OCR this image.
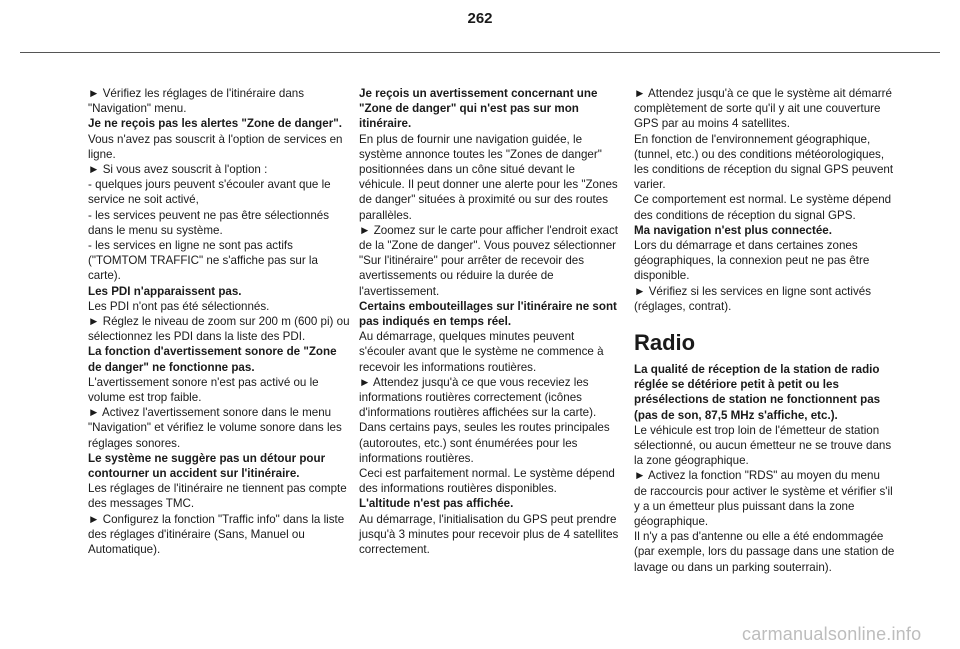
262

► Vérifiez les réglages de l'itinéraire dans "Navigation" menu.

Je ne reçois pas les alertes "Zone de danger".

Vous n'avez pas souscrit à l'option de services en ligne.

► Si vous avez souscrit à l'option :

- quelques jours peuvent s'écouler avant que le service ne soit activé,

- les services peuvent ne pas être sélectionnés dans le menu su système.

- les services en ligne ne sont pas actifs ("TOMTOM TRAFFIC" ne s'affiche pas sur la carte).

Les PDI n'apparaissent pas.

Les PDI n'ont pas été sélectionnés.

► Réglez le niveau de zoom sur 200 m (600 pi) ou sélectionnez les PDI dans la liste des PDI.

La fonction d'avertissement sonore de "Zone de danger" ne fonctionne pas.

L'avertissement sonore n'est pas activé ou le volume est trop faible.

► Activez l'avertissement sonore dans le menu "Navigation" et vérifiez le volume sonore dans les réglages sonores.

Le système ne suggère pas un détour pour contourner un accident sur l'itinéraire.

Les réglages de l'itinéraire ne tiennent pas compte des messages TMC.

► Configurez la fonction "Traffic info" dans la liste des réglages d'itinéraire (Sans, Manuel ou Automatique).

Je reçois un avertissement concernant une "Zone de danger" qui n'est pas sur mon itinéraire.

En plus de fournir une navigation guidée, le système annonce toutes les "Zones de danger" positionnées dans un cône situé devant le véhicule. Il peut donner une alerte pour les "Zones de danger" situées à proximité ou sur des routes parallèles.

► Zoomez sur le carte pour afficher l'endroit exact de la "Zone de danger". Vous pouvez sélectionner "Sur l'itinéraire" pour arrêter de recevoir des avertissements ou réduire la durée de l'avertissement.

Certains embouteillages sur l'itinéraire ne sont pas indiqués en temps réel.

Au démarrage, quelques minutes peuvent s'écouler avant que le système ne commence à recevoir les informations routières.

► Attendez jusqu'à ce que vous receviez les informations routières correctement (icônes d'informations routières affichées sur la carte).

Dans certains pays, seules les routes principales (autoroutes, etc.) sont énumérées pour les informations routières.

Ceci est parfaitement normal. Le système dépend des informations routières disponibles.

L'altitude n'est pas affichée.

Au démarrage, l'initialisation du GPS peut prendre jusqu'à 3 minutes pour recevoir plus de 4 satellites correctement.

► Attendez jusqu'à ce que le système ait démarré complètement de sorte qu'il y ait une couverture GPS par au moins 4 satellites.

En fonction de l'environnement géographique, (tunnel, etc.) ou des conditions météorologiques, les conditions de réception du signal GPS peuvent varier.

Ce comportement est normal. Le système dépend des conditions de réception du signal GPS.

Ma navigation n'est plus connectée.

Lors du démarrage et dans certaines zones géographiques, la connexion peut ne pas être disponible.

► Vérifiez si les services en ligne sont activés (réglages, contrat).

Radio

La qualité de réception de la station de radio réglée se détériore petit à petit ou les présélections de station ne fonctionnent pas (pas de son, 87,5 MHz s'affiche, etc.).

Le véhicule est trop loin de l'émetteur de station sélectionné, ou aucun émetteur ne se trouve dans la zone géographique.

► Activez la fonction "RDS" au moyen du menu de raccourcis pour activer le système et vérifier s'il y a un émetteur plus puissant dans la zone géographique.

Il n'y a pas d'antenne ou elle a été endommagée (par exemple, lors du passage dans une station de lavage ou dans un parking souterrain).

carmanualsonline.info
